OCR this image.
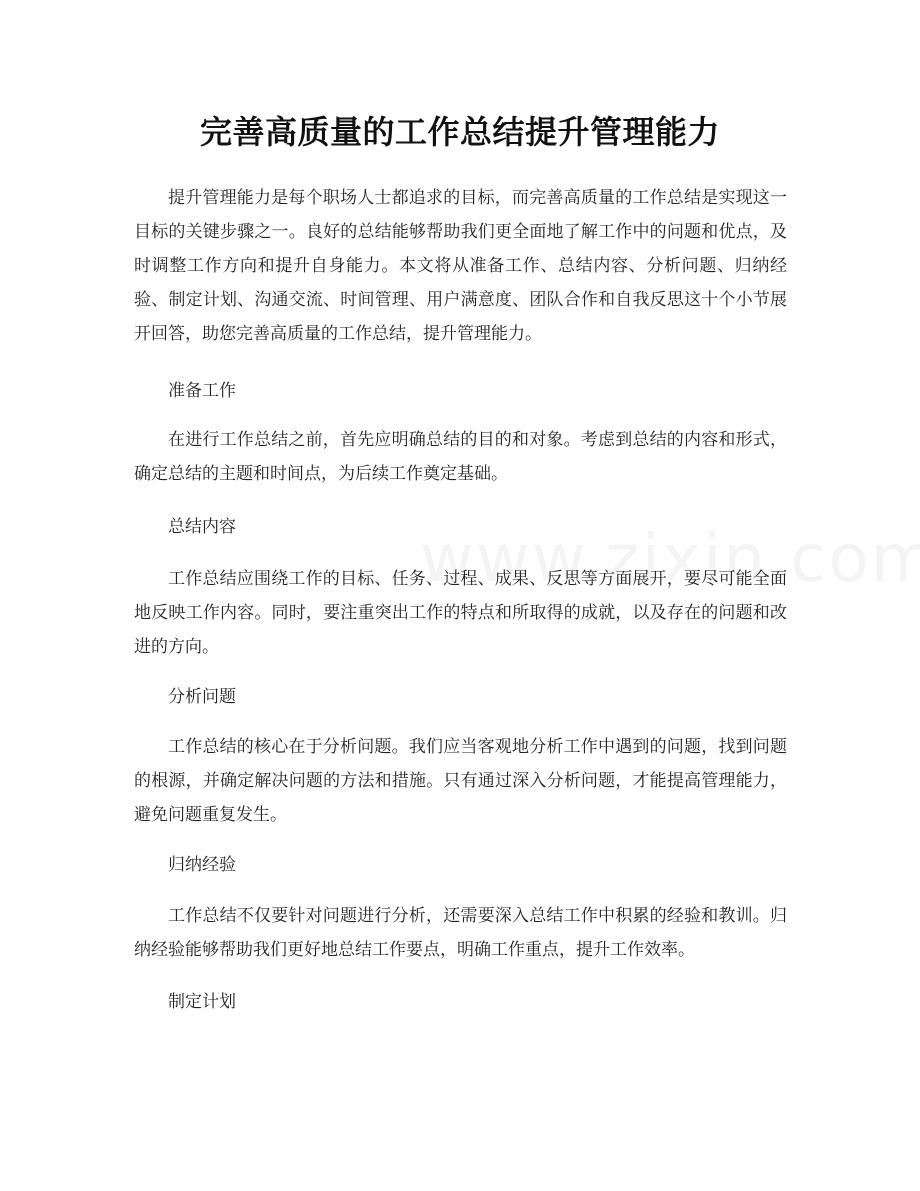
完善高质量的工作总结提升管理能力

提升管理能力是每个职场人士都追求的目标，而完善高质量的工作总结是实现这一目标的关键步骤之一。良好的总结能够帮助我们更全面地了解工作中的问题和优点，及时调整工作方向和提升自身能力。本文将从准备工作、总结内容、分析问题、归纳经验、制定计划、沟通交流、时间管理、用户满意度、团队合作和自我反思这十个小节展开回答，助您完善高质量的工作总结，提升管理能力。

准备工作

在进行工作总结之前，首先应明确总结的目的和对象。考虑到总结的内容和形式，确定总结的主题和时间点，为后续工作奠定基础。

总结内容

工作总结应围绕工作的目标、任务、过程、成果、反思等方面展开，要尽可能全面地反映工作内容。同时，要注重突出工作的特点和所取得的成就，以及存在的问题和改进的方向。

分析问题

工作总结的核心在于分析问题。我们应当客观地分析工作中遇到的问题，找到问题的根源，并确定解决问题的方法和措施。只有通过深入分析问题，才能提高管理能力，避免问题重复发生。

归纳经验

工作总结不仅要针对问题进行分析，还需要深入总结工作中积累的经验和教训。归纳经验能够帮助我们更好地总结工作要点，明确工作重点，提升工作效率。

制定计划
